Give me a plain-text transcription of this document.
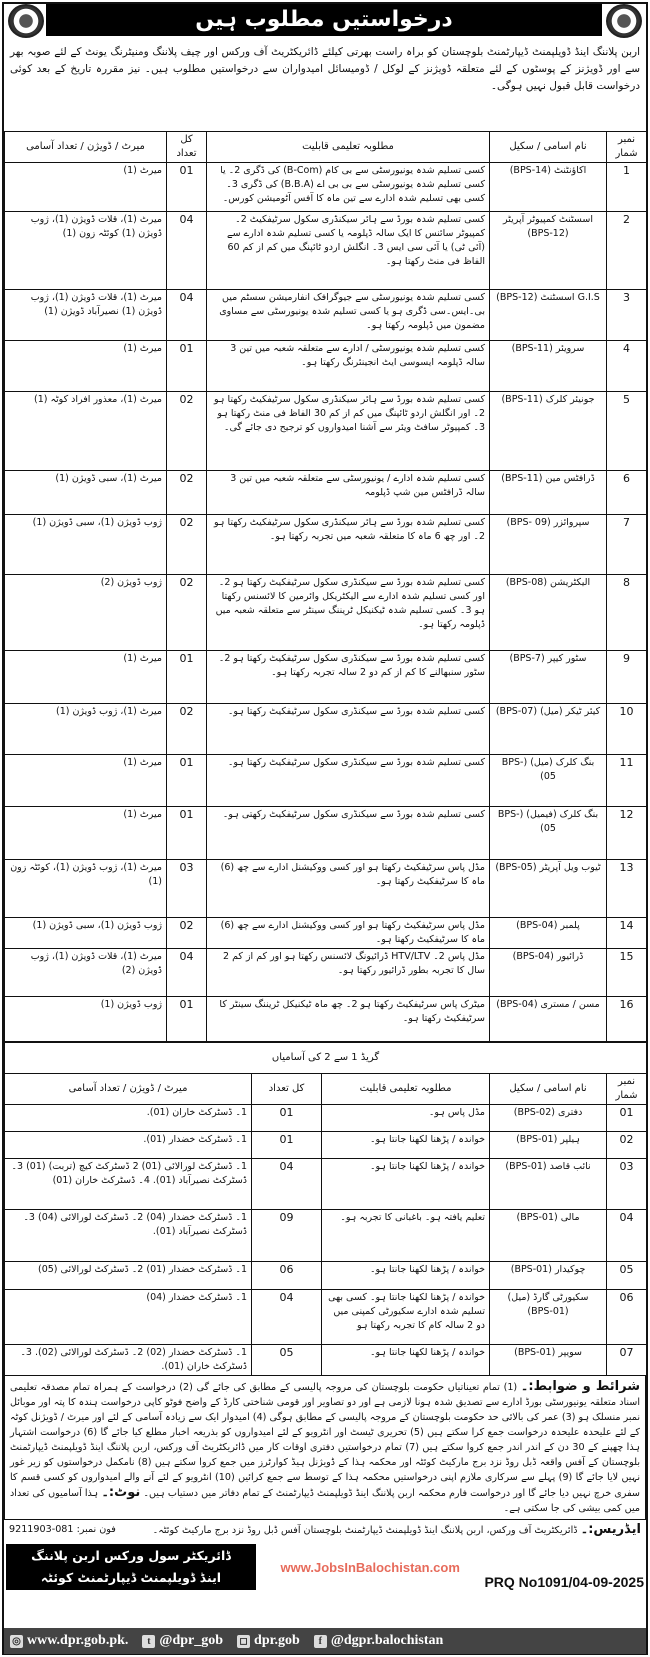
درخواستیں مطلوب ہیں
اربن پلاننگ اینڈ ڈویلپمنٹ ڈیپارٹمنٹ بلوچستان کو براہ راست بھرتی کیلئے ڈائریکٹریٹ آف ورکس اور چیف پلاننگ ومنیٹرنگ یونٹ کے لئے صوبہ بھر سے اور ڈویژنز کے پوسٹوں کے لئے متعلقہ ڈویژنز کے لوکل / ڈومیسائل امیدواران سے درخواستیں مطلوب ہیں۔ نیز مقررہ تاریخ کے بعد کوئی درخواست قابل قبول نہیں ہوگی۔
نمبر شمار	نام اسامی / سکیل	مطلوبہ تعلیمی قابلیت	کل تعداد	میرٹ / ڈویژن / تعداد آسامی
1	اکاؤنٹنٹ (BPS-14)	کسی تسلیم شدہ یونیورسٹی سے بی کام (B-Com) کی ڈگری 2۔ یا کسی تسلیم شدہ یونیورسٹی سے بی بی اے (B.B.A) کی ڈگری 3۔ کسی بھی تسلیم شدہ ادارے سے تین ماہ کا آفس آٹومیشن کورس۔	01	میرٹ (1)
2	اسسٹنٹ کمپیوٹر آپریٹر (BPS-12)	کسی تسلیم شدہ بورڈ سے ہائر سیکنڈری سکول سرٹیفکیٹ 2۔ کمپیوٹر سائنس کا ایک سالہ ڈپلومہ یا کسی تسلیم شدہ ادارے سے (آئی ٹی) یا آئی سی ایس 3۔ انگلش اردو ٹائپنگ میں کم از کم 60 الفاظ فی منٹ رکھتا ہو۔	04	میرٹ (1)، قلات ڈویژن (1)، ژوب ڈویژن (1) کوئٹہ زون (1)
3	G.I.S اسسٹنٹ (BPS-12)	کسی تسلیم شدہ یونیورسٹی سے جیوگرافک انفارمیشن سسٹم میں بی۔ایس۔سی ڈگری ہو یا کسی تسلیم شدہ یونیورسٹی سے مساوی مضمون میں ڈپلومہ رکھتا ہو۔	04	میرٹ (1)، قلات ڈویژن (1)، ژوب ڈویژن (1) نصیرآباد ڈویژن (1)
4	سرویئر (BPS-11)	کسی تسلیم شدہ یونیورسٹی / ادارے سے متعلقہ شعبہ میں تین 3 سالہ ڈپلومہ ایسوسی ایٹ انجینئرنگ رکھتا ہو۔	01	میرٹ (1)
5	جونیئر کلرک (BPS-11)	کسی تسلیم شدہ بورڈ سے ہائر سیکنڈری سکول سرٹیفکیٹ رکھتا ہو 2۔ اور انگلش اردو ٹائپنگ میں کم از کم 30 الفاظ فی منٹ رکھتا ہو 3۔ کمپیوٹر سافٹ ویئر سے آشنا امیدواروں کو ترجیح دی جائے گی۔	02	میرٹ (1)، معذور افراد کوٹہ (1)
6	ڈرافٹس مین (BPS-11)	کسی تسلیم شدہ ادارے / یونیورسٹی سے متعلقہ شعبہ میں تین 3 سالہ ڈرافٹس مین شپ ڈپلومہ	02	میرٹ (1)، سبی ڈویژن (1)
7	سپروائزر (BPS- 09)	کسی تسلیم شدہ بورڈ سے ہائر سیکنڈری سکول سرٹیفکیٹ رکھتا ہو 2۔ اور چھ 6 ماہ کا متعلقہ شعبہ میں تجربہ رکھتا ہو۔	02	ژوب ڈویژن (1)، سبی ڈویژن (1)
8	الیکٹریشن (BPS-08)	کسی تسلیم شدہ بورڈ سے سیکنڈری سکول سرٹیفکیٹ رکھتا ہو 2۔ اور کسی تسلیم شدہ ادارے سے الیکٹریکل وائرمین کا لائسنس رکھتا ہو 3۔ کسی تسلیم شدہ ٹیکنیکل ٹریننگ سینٹر سے متعلقہ شعبہ میں ڈپلومہ رکھتا ہو۔	02	ژوب ڈویژن (2)
9	سٹور کیپر (BPS-7)	کسی تسلیم شدہ بورڈ سے سیکنڈری سکول سرٹیفکیٹ رکھتا ہو 2۔ سٹور سنبھالنے کا کم از کم دو 2 سالہ تجربہ رکھتا ہو۔	01	میرٹ (1)
10	کیئر ٹیکر (میل) (BPS-07)	کسی تسلیم شدہ بورڈ سے سیکنڈری سکول سرٹیفکیٹ رکھتا ہو۔	02	میرٹ (1)، ژوب ڈویژن (1)
11	بنگ کلرک (میل) (BPS-05)	کسی تسلیم شدہ بورڈ سے سیکنڈری سکول سرٹیفکیٹ رکھتا ہو۔	01	میرٹ (1)
12	بنگ کلرک (فیمیل) (BPS-05)	کسی تسلیم شدہ بورڈ سے سیکنڈری سکول سرٹیفکیٹ رکھتی ہو۔	01	میرٹ (1)
13	ٹیوب ویل آپریٹر (BPS-05)	مڈل پاس سرٹیفکیٹ رکھتا ہو اور کسی ووکیشنل ادارے سے چھ (6) ماہ کا سرٹیفکیٹ رکھتا ہو۔	03	میرٹ (1)، ژوب ڈویژن (1)، کوئٹہ زون (1)
14	پلمبر (BPS-04)	مڈل پاس سرٹیفکیٹ رکھتا ہو اور کسی ووکیشنل ادارے سے چھ (6) ماہ کا سرٹیفکیٹ رکھتا ہو۔	02	ژوب ڈویژن (1)، سبی ڈویژن (1)
15	ڈرائیور (BPS-04)	مڈل پاس 2۔ HTV/LTV ڈرائیونگ لائسنس رکھتا ہو اور کم از کم 2 سال کا تجربہ بطور ڈرائیور رکھتا ہو۔	04	میرٹ (1)، قلات ڈویژن (1)، ژوب ڈویژن (2)
16	مسن / مستری (BPS-04)	میٹرک پاس سرٹیفکیٹ رکھتا ہو 2۔ چھ ماہ ٹیکنیکل ٹریننگ سینٹر کا سرٹیفکیٹ رکھتا ہو۔	01	ژوب ڈویژن (1)
گریڈ 1 سے 2 کی آسامیاں				
نمبر شمار	نام اسامی / سکیل	مطلوبہ تعلیمی قابلیت	کل تعداد	میرٹ / ڈویژن / تعداد آسامی
01	دفتری (BPS-02)	مڈل پاس ہو۔	01	1۔ ڈسٹرکٹ خاران (01).
02	ہیلپر (BPS-01)	خواندہ / پڑھنا لکھنا جانتا ہو۔	01	1۔ ڈسٹرکٹ خضدار (01).
03	نائب قاصد (BPS-01)	خواندہ / پڑھنا لکھنا جانتا ہو۔	04	1۔ ڈسٹرکٹ لورالائی (01) 2 ڈسٹرکٹ کیچ (تربت) (01) 3۔ ڈسٹرکٹ نصیرآباد (01). 4۔ ڈسٹرکٹ خاران (01)
04	مالی (BPS-01)	تعلیم یافتہ ہو۔ باغبانی کا تجربہ ہو۔	09	1۔ ڈسٹرکٹ خضدار (04) 2۔ ڈسٹرکٹ لورالائی (04) 3۔ ڈسٹرکٹ نصیرآباد (01).
05	چوکیدار (BPS-01)	خواندہ / پڑھنا لکھنا جانتا ہو۔	06	1۔ ڈسٹرکٹ خضدار (01) 2۔ ڈسٹرکٹ لورالائی (05)
06	سکیورٹی گارڈ (میل) (BPS-01)	خواندہ / پڑھنا لکھنا جانتا ہو۔ کسی بھی تسلیم شدہ ادارے سکیورٹی کمپنی میں دو 2 سالہ کام کا تجربہ رکھتا ہو	04	1۔ ڈسٹرکٹ خضدار (04)
07	سویپر (BPS-01)	خواندہ / پڑھنا لکھنا جانتا ہو۔	05	1۔ ڈسٹرکٹ خضدار (02) 2۔ ڈسٹرکٹ لورالائی (02). 3۔ ڈسٹرکٹ خاران (01).
شرائط و ضوابط:۔ (1) تمام تعیناتیاں حکومت بلوچستان کی مروجہ پالیسی کے مطابق کی جائے گی (2) درخواست کے ہمراہ تمام مصدقہ تعلیمی اسناد متعلقہ یونیورسٹی بورڈ ادارے سے تصدیق شدہ ہونا لازمی ہے اور دو تصاویر اور قومی شناختی کارڈ کے واضح فوٹو کاپی درخواست ہندہ کا پتہ اور موبائل نمبر منسلک ہو (3) عمر کی بالائی حد حکومت بلوچستان کے مروجہ پالیسی کے مطابق ہوگی (4) امیدوار ایک سے زیادہ آسامی کے لئے اور میرٹ / ڈویژنل کوٹہ کے لئے علیحدہ علیحدہ درخواست جمع کرا سکتے ہیں (5) تحریری ٹیسٹ اور انٹرویو کے لئے امیدواروں کو بذریعہ اخبار مطلع کیا جائے گا (6) درخواست اشتہار ہذا چھپنے کے 30 دن کے اندر اندر جمع کروا سکتے ہیں (7) تمام درخواستیں دفتری اوقات کار میں ڈائریکٹریٹ آف ورکس، اربن پلاننگ اینڈ ڈویلپمنٹ ڈیپارٹمنٹ بلوچستان کے آفس واقعہ ڈبل روڈ نزد برج مارکیٹ کوئٹہ اور محکمہ ہذا کے ڈویژنل ہیڈ کوارٹرز میں جمع کروا سکتے ہیں (8) نامکمل درخواستوں کو زیر غور نہیں لایا جائے گا (9) پہلے سے سرکاری ملازم اپنی درخواستیں محکمہ ہذا کے توسط سے جمع کرائیں (10) انٹرویو کے لئے آنے والے امیدواروں کو کسی قسم کا سفری خرچ نہیں دیا جائے گا اور درخواست فارم محکمہ اربن پلاننگ اینڈ ڈویلپمنٹ ڈیپارٹمنٹ کے تمام دفاتر میں دستیاب ہیں۔ نوٹ:۔ ہذا آسامیوں کی تعداد میں کمی بیشی کی جا سکتی ہے۔
ایڈریس:۔ ڈائریکٹریٹ آف ورکس، اربن پلاننگ اینڈ ڈویلپمنٹ ڈیپارٹمنٹ بلوچستان آفس ڈبل روڈ نزد برج مارکیٹ کوئٹہ۔
فون نمبر: 081-9211903
ڈائریکٹر سول ورکس اربن پلاننگ
اینڈ ڈویلپمنٹ ڈیپارٹمنٹ کوئٹہ
www.JobsInBalochistan.com
PRQ No1091/04-09-2025
◎ www.dpr.gob.pk.	t @dpr_gob ◻ dpr.gob	f @dgpr.balochistan
